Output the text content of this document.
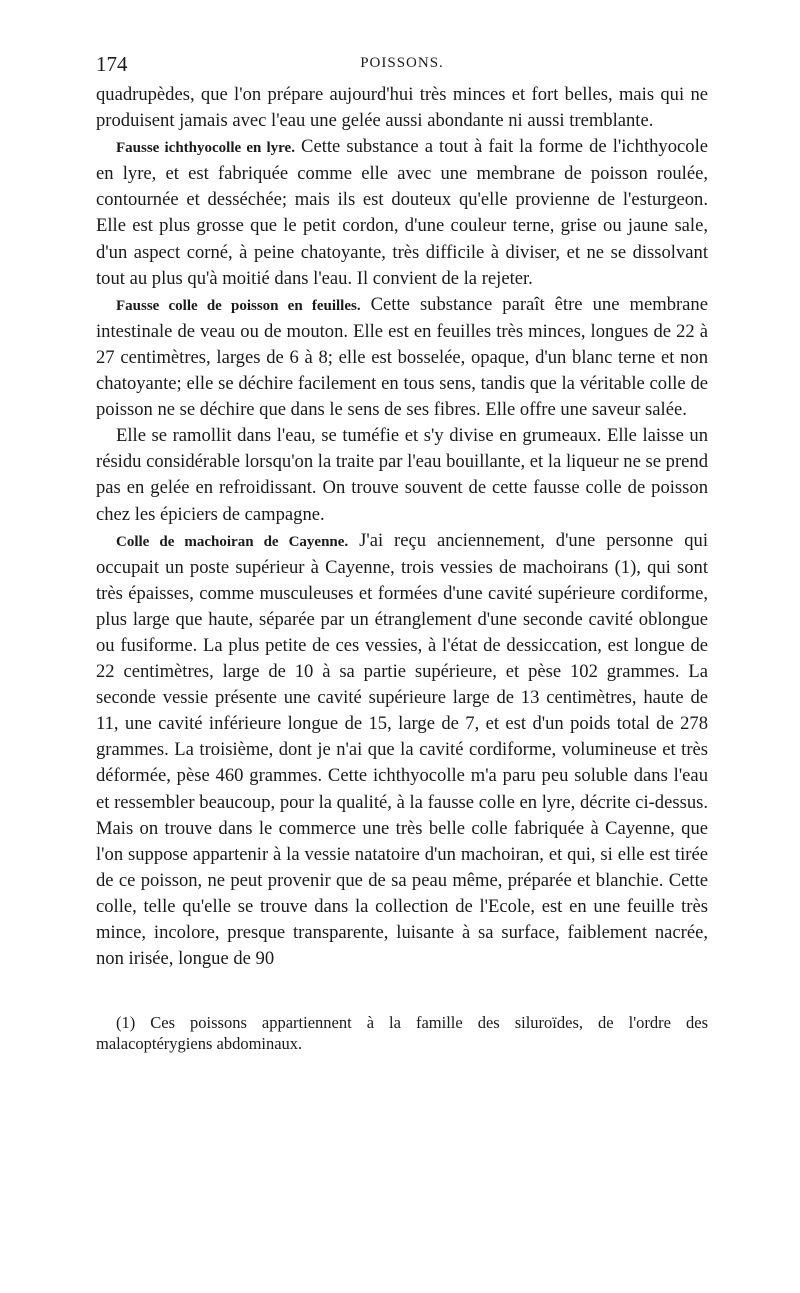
174	POISSONS.

quadrupèdes, que l'on prépare aujourd'hui très minces et fort belles, mais qui ne produisent jamais avec l'eau une gelée aussi abondante ni aussi tremblante.

Fausse ichthyocolle en lyre. Cette substance a tout à fait la forme de l'ichthyocole en lyre, et est fabriquée comme elle avec une membrane de poisson roulée, contournée et desséchée; mais ils est douteux qu'elle provienne de l'esturgeon. Elle est plus grosse que le petit cordon, d'une couleur terne, grise ou jaune sale, d'un aspect corné, à peine chatoyante, très difficile à diviser, et ne se dissolvant tout au plus qu'à moitié dans l'eau. Il convient de la rejeter.

Fausse colle de poisson en feuilles. Cette substance paraît être une membrane intestinale de veau ou de mouton. Elle est en feuilles très minces, longues de 22 à 27 centimètres, larges de 6 à 8; elle est bosselée, opaque, d'un blanc terne et non chatoyante; elle se déchire facilement en tous sens, tandis que la véritable colle de poisson ne se déchire que dans le sens de ses fibres. Elle offre une saveur salée.

Elle se ramollit dans l'eau, se tuméfie et s'y divise en grumeaux. Elle laisse un résidu considérable lorsqu'on la traite par l'eau bouillante, et la liqueur ne se prend pas en gelée en refroidissant. On trouve souvent de cette fausse colle de poisson chez les épiciers de campagne.

Colle de machoiran de Cayenne. J'ai reçu anciennement, d'une personne qui occupait un poste supérieur à Cayenne, trois vessies de machoirans (1), qui sont très épaisses, comme musculeuses et formées d'une cavité supérieure cordiforme, plus large que haute, séparée par un étranglement d'une seconde cavité oblongue ou fusiforme. La plus petite de ces vessies, à l'état de dessiccation, est longue de 22 centimètres, large de 10 à sa partie supérieure, et pèse 102 grammes. La seconde vessie présente une cavité supérieure large de 13 centimètres, haute de 11, une cavité inférieure longue de 15, large de 7, et est d'un poids total de 278 grammes. La troisième, dont je n'ai que la cavité cordiforme, volumineuse et très déformée, pèse 460 grammes. Cette ichthyocolle m'a paru peu soluble dans l'eau et ressembler beaucoup, pour la qualité, à la fausse colle en lyre, décrite ci-dessus. Mais on trouve dans le commerce une très belle colle fabriquée à Cayenne, que l'on suppose appartenir à la vessie natatoire d'un machoiran, et qui, si elle est tirée de ce poisson, ne peut provenir que de sa peau même, préparée et blanchie. Cette colle, telle qu'elle se trouve dans la collection de l'Ecole, est en une feuille très mince, incolore, presque transparente, luisante à sa surface, faiblement nacrée, non irisée, longue de 90

(1) Ces poissons appartiennent à la famille des siluroïdes, de l'ordre des malacoptérygiens abdominaux.
